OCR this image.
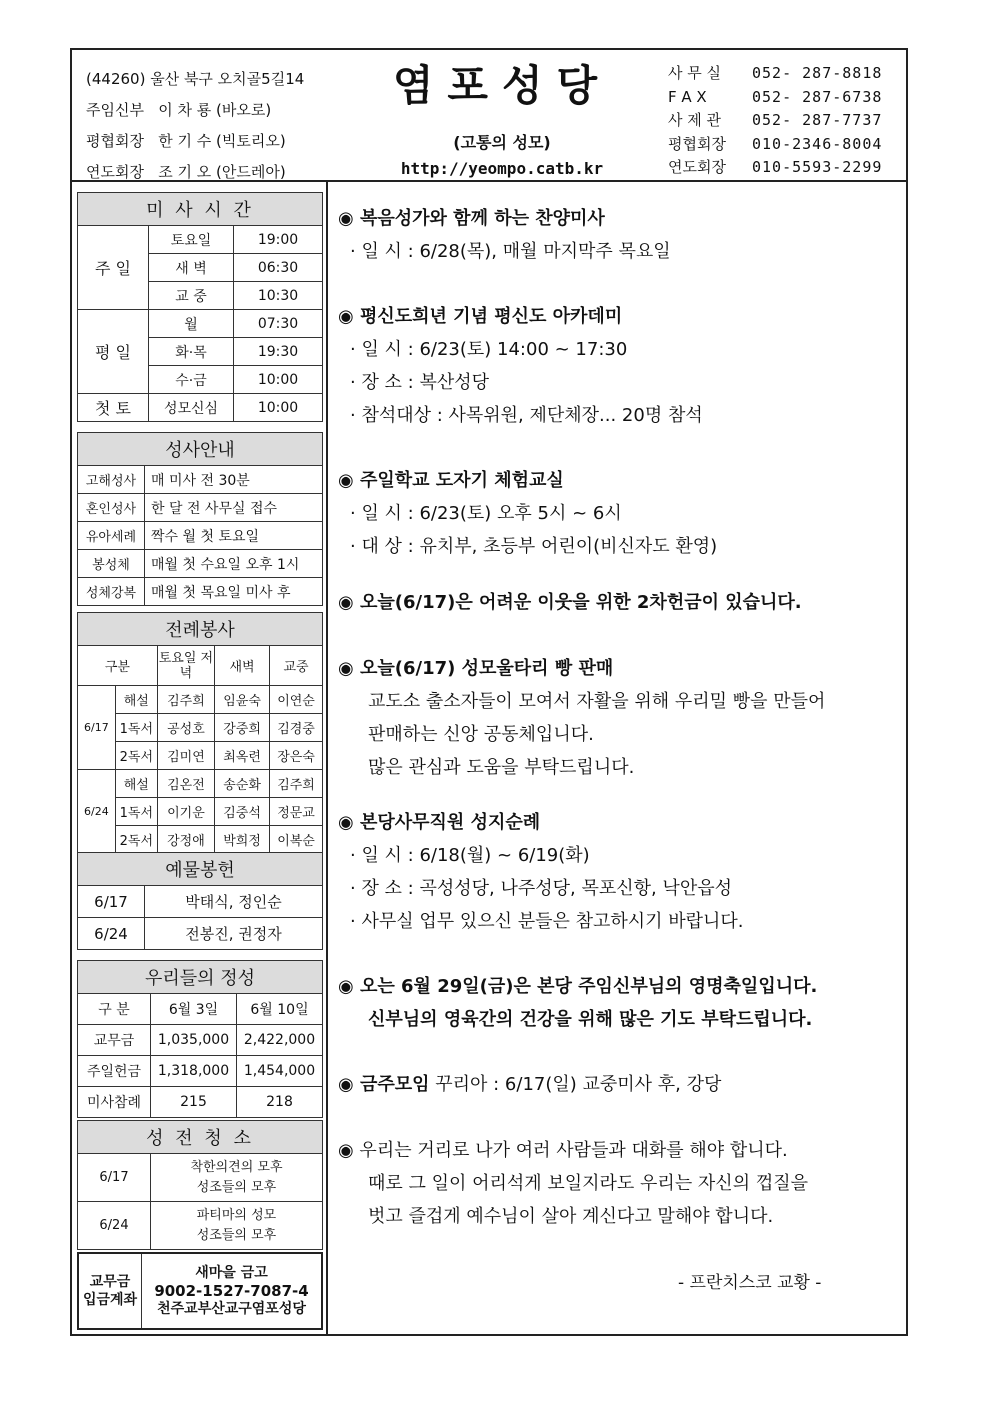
(44260) 울산 북구 오치골5길14
주임신부 이 차 룡 (바오로)
평협회장 한 기 수 (빅토리오)
연도회장 조 기 오 (안드레아)
염포성당
(고통의 성모)
http://yeompo.catb.kr
사 무 실	052- 287-8818
F A X	052- 287-6738
사 제 관	052- 287-7737
평협회장	010-2346-8004
연도회장	010-5593-2299
미 사 시 간		
주 일	토요일	19:00
	새 벽	06:30
	교 중	10:30
평 일	월	07:30
	화·목	19:30
	수·금	10:00
첫 토	성모신심	10:00
성사안내	
고해성사	매 미사 전 30분
혼인성사	한 달 전 사무실 접수
유아세례	짝수 월 첫 토요일
봉성체	매월 첫 수요일 오후 1시
성체강복	매월 첫 목요일 미사 후
전례봉사				
구분		토요일 저녁	새벽	교중
6/17	해설	김주희	임윤숙	이연순
	1독서	공성호	강중희	김경중
	2독서	김미연	최옥련	장은숙
6/24	해설	김온전	송순화	김주희
	1독서	이기운	김중석	정문교
	2독서	강정애	박희정	이복순
예물봉헌	
6/17	박태식, 정인순
6/24	전봉진, 권정자
우리들의 정성		
구 분	6월 3일	6월 10일
교무금	1,035,000	2,422,000
주일헌금	1,318,000	1,454,000
미사참례	215	218
성 전 청 소	
6/17	착한의견의 모후
성조들의 모후

6/24	파티마의 성모
성조들의 모후
교무금
입금계좌

새마을 금고
9002-1527-7087-4
천주교부산교구염포성당
◉ 복음성가와 함께 하는 찬양미사
· 일 시 : 6/28(목), 매월 마지막주 목요일
◉ 평신도희년 기념 평신도 아카데미
· 일 시 : 6/23(토) 14:00 ~ 17:30
· 장 소 : 복산성당
· 참석대상 : 사목위원, 제단체장... 20명 참석
◉ 주일학교 도자기 체험교실
· 일 시 : 6/23(토) 오후 5시 ~ 6시
· 대 상 : 유치부, 초등부 어린이(비신자도 환영)
◉ 오늘(6/17)은 어려운 이웃을 위한 2차헌금이 있습니다.
◉ 오늘(6/17) 성모울타리 빵 판매
교도소 출소자들이 모여서 자활을 위해 우리밀 빵을 만들어
판매하는 신앙 공동체입니다.
많은 관심과 도움을 부탁드립니다.
◉ 본당사무직원 성지순례
· 일 시 : 6/18(월) ~ 6/19(화)
· 장 소 : 곡성성당, 나주성당, 목포신항, 낙안읍성
· 사무실 업무 있으신 분들은 참고하시기 바랍니다.
◉ 오는 6월 29일(금)은 본당 주임신부님의 영명축일입니다.
신부님의 영육간의 건강을 위해 많은 기도 부탁드립니다.
◉ 금주모임 꾸리아 : 6/17(일) 교중미사 후, 강당
◉ 우리는 거리로 나가 여러 사람들과 대화를 해야 합니다.
때로 그 일이 어리석게 보일지라도 우리는 자신의 껍질을
벗고 즐겁게 예수님이 살아 계신다고 말해야 합니다.
- 프란치스코 교황 -
